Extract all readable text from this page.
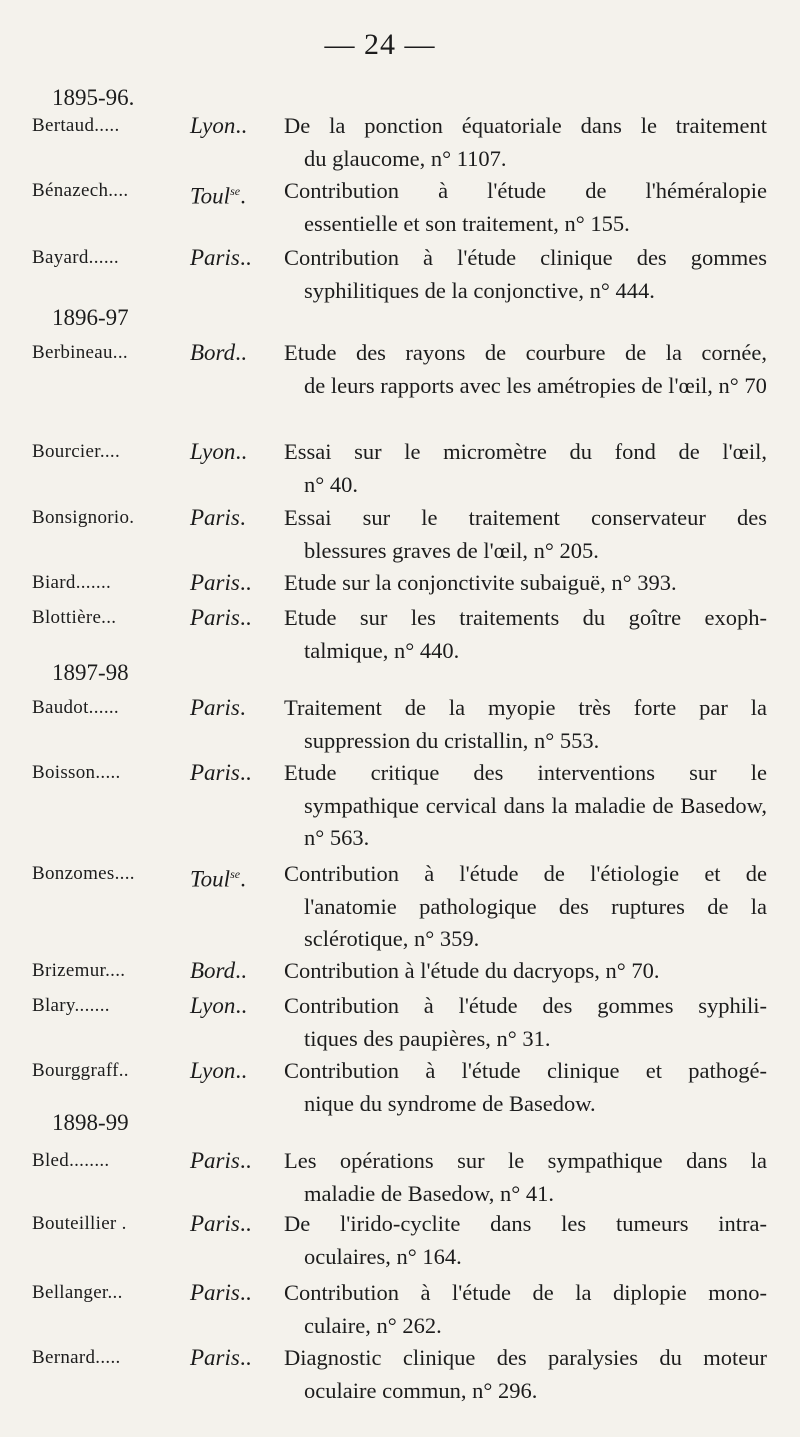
— 24 —
1895-96.
1896-97
1897-98
1898-99
Bertaud.....	Lyon.. De la ponction équatoriale dans le traitement
du glaucome, n° 1107.
Bénazech....	Toul$^{se}$. Contribution à l'étude de l'héméralopie
essentielle et son traitement, n° 155.
Bayard......	Paris.. Contribution à l'étude clinique des gommes
syphilitiques de la conjonctive, n° 444.
Berbineau...	Bord.. Etude des rayons de courbure de la cornée,
de leurs rapports avec les amétropies de l'œil, n° 70
Bourcier....	Lyon.. Essai sur le micromètre du fond de l'œil,
n° 40.
Bonsignorio. Paris. Essai sur le traitement conservateur des
blessures graves de l'œil, n° 205.
Biard.......	Paris.. Etude sur la conjonctivite subaiguë, n° 393.
Blottière...	Paris.. Etude sur les traitements du goître exoph-
talmique, n° 440.
Baudot......	Paris. Traitement de la myopie très forte par la
suppression du cristallin, n° 553.
Boisson.....	Paris.. Etude critique des interventions sur le
sympathique cervical dans la maladie de Basedow, n° 563.
Bonzomes.... Toul$^{se}$. Contribution à l'étude de l'étiologie et de
l'anatomie pathologique des ruptures de la sclérotique, n° 359.
Brizemur....	Bord.. Contribution à l'étude du dacryops, n° 70.
Blary.......	Lyon.. Contribution à l'étude des gommes syphili-
tiques des paupières, n° 31.
Bourggraff..	Lyon.. Contribution à l'étude clinique et pathogé-
nique du syndrome de Basedow.
Bled........	Paris.. Les opérations sur le sympathique dans la
maladie de Basedow, n° 41.
Bouteillier .	Paris.. De l'irido-cyclite dans les tumeurs intra-
oculaires, n° 164.
Bellanger...	Paris.. Contribution à l'étude de la diplopie mono-
culaire, n° 262.
Bernard.....	Paris.. Diagnostic clinique des paralysies du moteur
oculaire commun, n° 296.
